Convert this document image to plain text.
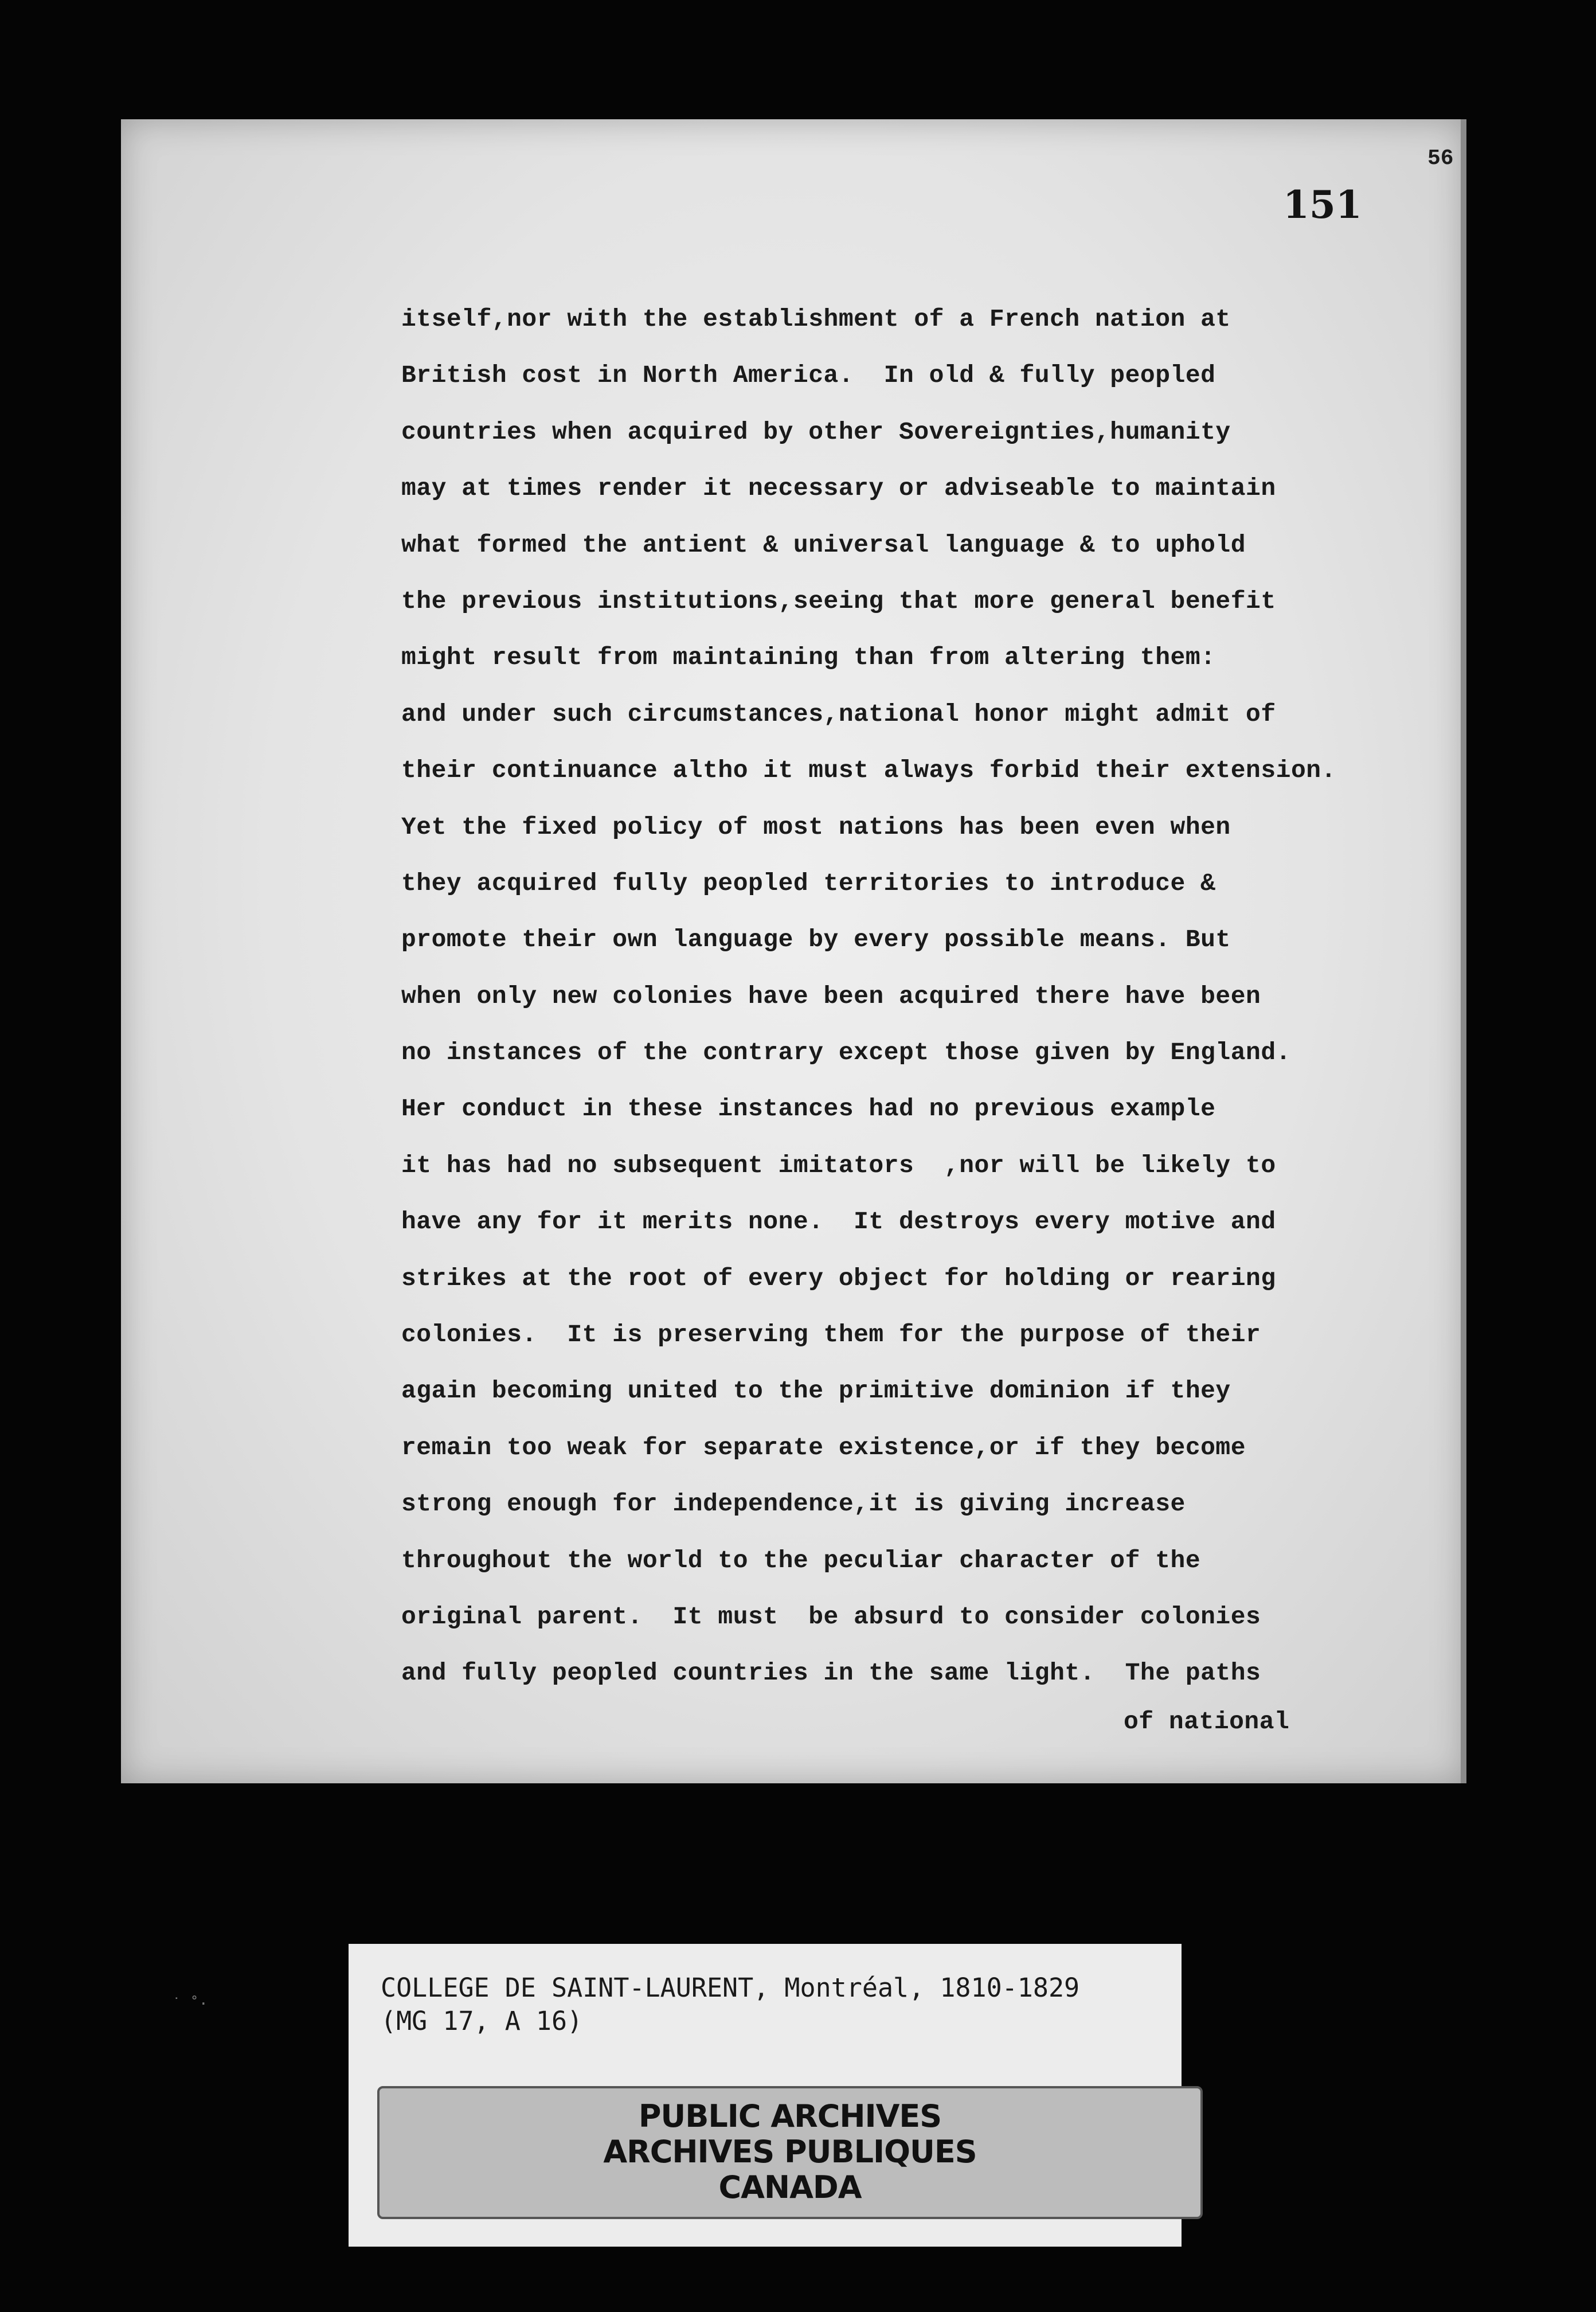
56
151
itself,nor with the establishment of a French nation at
British cost in North America.  In old & fully peopled
countries when acquired by other Sovereignties,humanity
may at times render it necessary or adviseable to maintain
what formed the antient & universal language & to uphold
the previous institutions,seeing that more general benefit
might result from maintaining than from altering them:
and under such circumstances,national honor might admit of
their continuance altho it must always forbid their extension.
Yet the fixed policy of most nations has been even when
they acquired fully peopled territories to introduce &
promote their own language by every possible means. But
when only new colonies have been acquired there have been
no instances of the contrary except those given by England.
Her conduct in these instances had no previous example
it has had no subsequent imitators  ,nor will be likely to
have any for it merits none.  It destroys every motive and
strikes at the root of every object for holding or rearing
colonies.  It is preserving them for the purpose of their
again becoming united to the primitive dominion if they
remain too weak for separate existence,or if they become
strong enough for independence,it is giving increase
throughout the world to the peculiar character of the
original parent.  It must  be absurd to consider colonies
and fully peopled countries in the same light.  The paths
of national
˙ ˚·
COLLEGE DE SAINT-LAURENT, Montréal, 1810-1829
(MG 17, A 16)
PUBLIC ARCHIVES
ARCHIVES PUBLIQUES
CANADA
